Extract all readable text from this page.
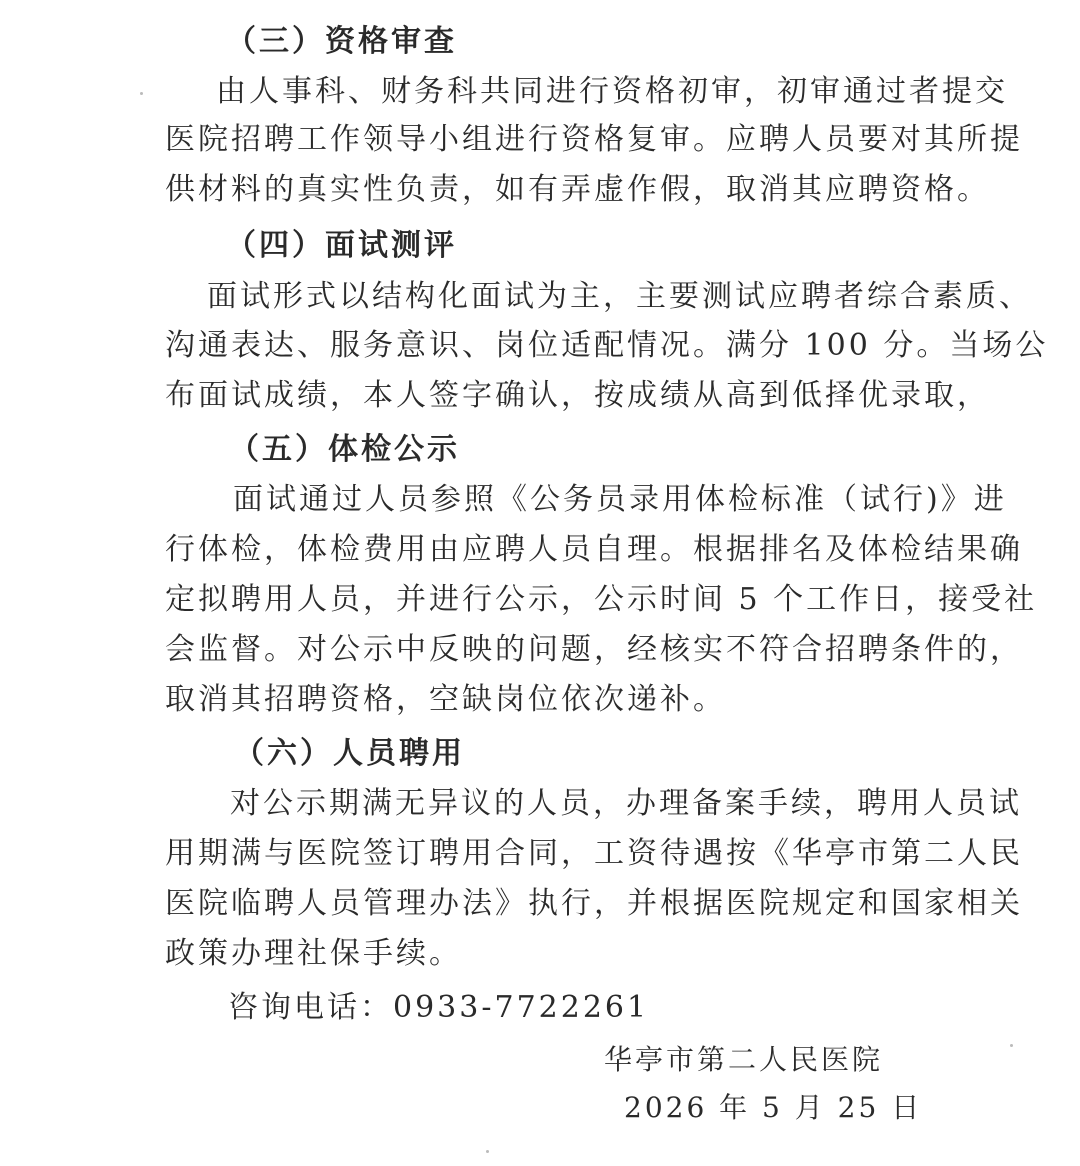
（三）资格审查
由人事科、财务科共同进行资格初审，初审通过者提交
医院招聘工作领导小组进行资格复审。应聘人员要对其所提
供材料的真实性负责，如有弄虚作假，取消其应聘资格。
（四）面试测评
面试形式以结构化面试为主，主要测试应聘者综合素质、
沟通表达、服务意识、岗位适配情况。满分 100 分。当场公
布面试成绩，本人签字确认，按成绩从高到低择优录取，
（五）体检公示
面试通过人员参照《公务员录用体检标准（试行)》进
行体检，体检费用由应聘人员自理。根据排名及体检结果确
定拟聘用人员，并进行公示，公示时间 5 个工作日，接受社
会监督。对公示中反映的问题，经核实不符合招聘条件的，
取消其招聘资格，空缺岗位依次递补。
（六）人员聘用
对公示期满无异议的人员，办理备案手续，聘用人员试
用期满与医院签订聘用合同，工资待遇按《华亭市第二人民
医院临聘人员管理办法》执行，并根据医院规定和国家相关
政策办理社保手续。
咨询电话：0933-7722261
华亭市第二人民医院
2026 年 5 月 25 日
